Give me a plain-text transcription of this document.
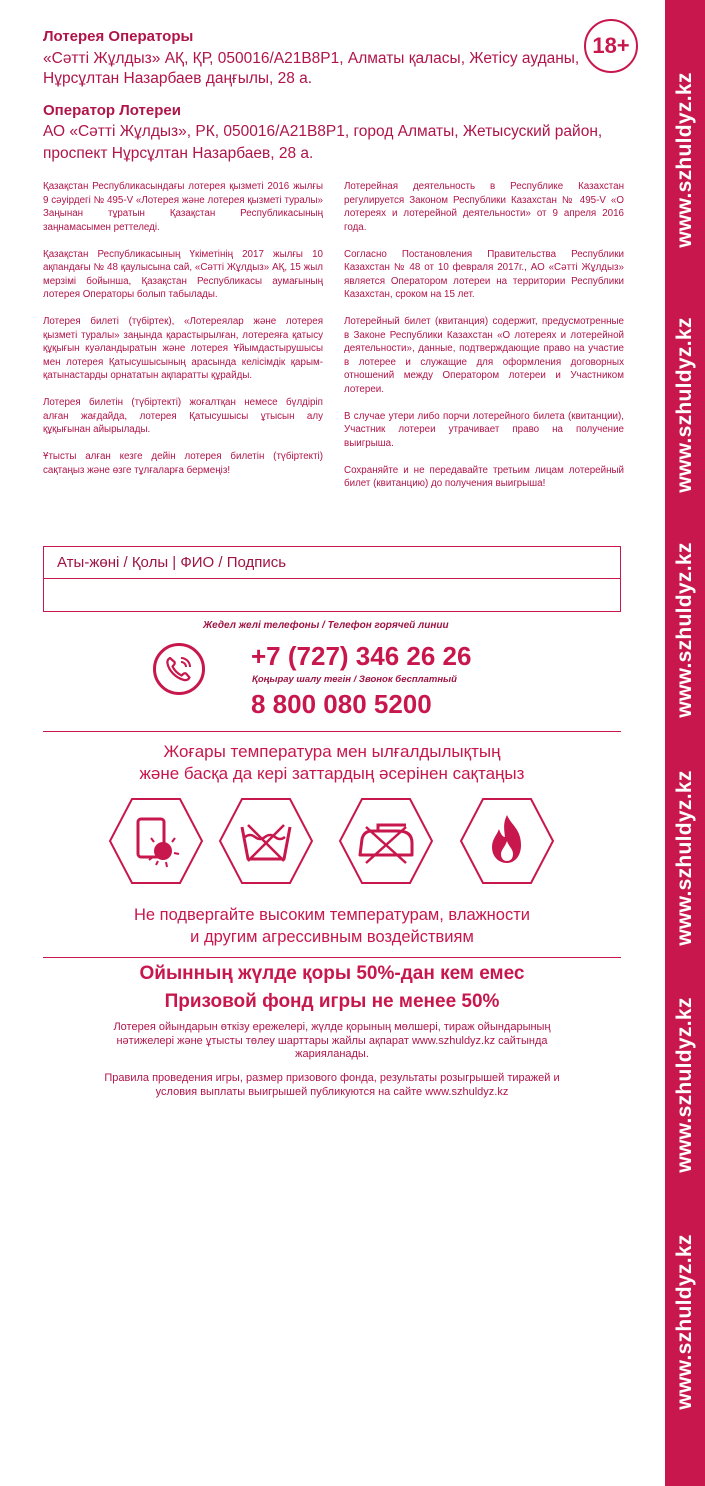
www.szhuldyz.kz
www.szhuldyz.kz
www.szhuldyz.kz
www.szhuldyz.kz
www.szhuldyz.kz
www.szhuldyz.kz
Лотерея Операторы
«Сәтті Жұлдыз» АҚ, ҚР, 050016/A21B8P1, Алматы қаласы, Жетісу ауданы,
Нұрсұлтан Назарбаев даңғылы, 28 а.
Оператор Лотереи
АО «Сәтті Жұлдыз», РК, 050016/A21B8P1, город Алматы, Жетысуский район,
проспект Нұрсұлтан Назарбаев, 28 а.
18+

Қазақстан Республикасындағы лотерея қызметі 2016 жылғы 9 сәуірдегі № 495-V «Лотерея және лотерея қызметі туралы» Заңынан тұратын Қазақстан Республикасының заңнамасымен реттеледі.

Қазақстан Республикасының Үкіметінің 2017 жылғы 10 ақпандағы № 48 қаулысына сай, «Сәтті Жұлдыз» АҚ, 15 жыл мерзімі бойынша, Қазақстан Республикасы аумағының лотерея Операторы болып табылады.

Лотерея билеті (түбіртек), «Лотереялар және лотерея қызметі туралы» заңында қарастырылған, лотереяға қатысу құқығын куәландыратын және лотерея Ұйымдастырушысы мен лотерея Қатысушысының арасында келісімдік қарым-қатынастарды орнататын ақпаратты құрайды.

Лотерея билетін (түбіртекті) жоғалтқан немесе бүлдіріп алған жағдайда, лотерея Қатысушысы ұтысын алу құқығынан айырылады.

Ұтысты алған кезге дейін лотерея билетін (түбіртекті) сақтаңыз және өзге тұлғаларға бермеңіз!

Лотерейная деятельность в Республике Казахстан регулируется Законом Республики Казахстан № 495-V «О лотереях и лотерейной деятельности» от 9 апреля 2016 года.

Согласно Постановления Правительства Республики Казахстан № 48 от 10 февраля 2017г., АО «Сәтті Жұлдыз» является Оператором лотереи на территории Республики Казахстан, сроком на 15 лет.

Лотерейный билет (квитанция) содержит, предусмотренные в Законе Республики Казахстан «О лотереях и лотерейной деятельности», данные, подтверждающие право на участие в лотерее и служащие для оформления договорных отношений между Оператором лотереи и Участником лотереи.

В случае утери либо порчи лотерейного билета (квитанции), Участник лотереи утрачивает право на получение выигрыша.

Сохраняйте и не передавайте третьим лицам лотерейный билет (квитанцию) до получения выигрыша!

Аты-жөні / Қолы | ФИО / Подпись
Жедел желі телефоны / Телефон горячей линии
+7 (727) 346 26 26
Қоңырау шалу тегін / Звонок бесплатный
8 800 080 5200
Жоғары температура мен ылғалдылықтың
және басқа да кері заттардың әсерінен сақтаңыз
Не подвергайте высоким температурам, влажности
и другим агрессивным воздействиям
Ойынның жүлде қоры 50%-дан кем емес
Призовой фонд игры не менее 50%
Лотерея ойындарын өткізу ережелері, жүлде қорының мөлшері, тираж ойындарының
нәтижелері және ұтысты төлеу шарттары жайлы ақпарат www.szhuldyz.kz сайтында
жарияланады.
Правила проведения игры, размер призового фонда, результаты розыгрышей тиражей и
условия выплаты выигрышей публикуются на сайте www.szhuldyz.kz
